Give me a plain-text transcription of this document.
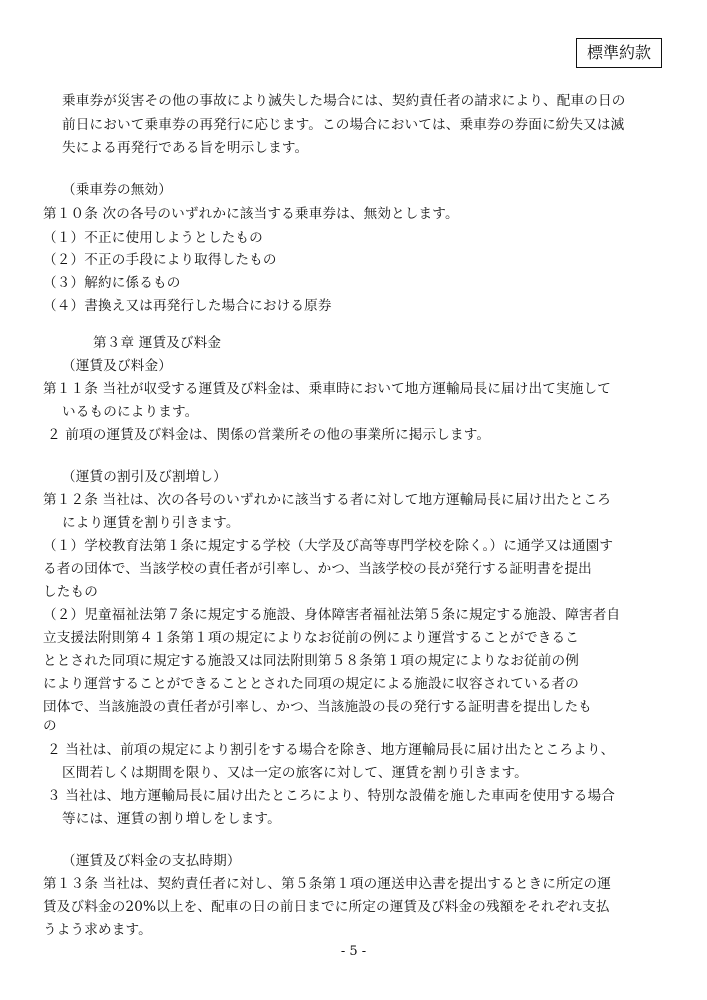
標準約款
乗車券が災害その他の事故により滅失した場合には、契約責任者の請求により、配車の日の
前日において乗車券の再発行に応じます。この場合においては、乗車券の券面に紛失又は滅
失による再発行である旨を明示します。
（乗車券の無効）
第１０条 次の各号のいずれかに該当する乗車券は、無効とします。
（１）不正に使用しようとしたもの
（２）不正の手段により取得したもの
（３）解約に係るもの
（４）書換え又は再発行した場合における原券
第３章 運賃及び料金
（運賃及び料金）
第１１条 当社が収受する運賃及び料金は、乗車時において地方運輸局長に届け出て実施して
いるものによります。
２ 前項の運賃及び料金は、関係の営業所その他の事業所に掲示します。
（運賃の割引及び割増し）
第１２条 当社は、次の各号のいずれかに該当する者に対して地方運輸局長に届け出たところ
により運賃を割り引きます。
（１）学校教育法第１条に規定する学校（大学及び高等専門学校を除く。）に通学又は通園す
る者の団体で、当該学校の責任者が引率し、かつ、当該学校の長が発行する証明書を提出
したもの
（２）児童福祉法第７条に規定する施設、身体障害者福祉法第５条に規定する施設、障害者自
立支援法附則第４１条第１項の規定によりなお従前の例により運営することができるこ
ととされた同項に規定する施設又は同法附則第５８条第１項の規定によりなお従前の例
により運営することができることとされた同項の規定による施設に収容されている者の
団体で、当該施設の責任者が引率し、かつ、当該施設の長の発行する証明書を提出したも
の
２ 当社は、前項の規定により割引をする場合を除き、地方運輸局長に届け出たところより、
区間若しくは期間を限り、又は一定の旅客に対して、運賃を割り引きます。
３ 当社は、地方運輸局長に届け出たところにより、特別な設備を施した車両を使用する場合
等には、運賃の割り増しをします。
（運賃及び料金の支払時期）
第１３条 当社は、契約責任者に対し、第５条第１項の運送申込書を提出するときに所定の運
賃及び料金の20%以上を、配車の日の前日までに所定の運賃及び料金の残額をそれぞれ支払
うよう求めます。
- 5 -
